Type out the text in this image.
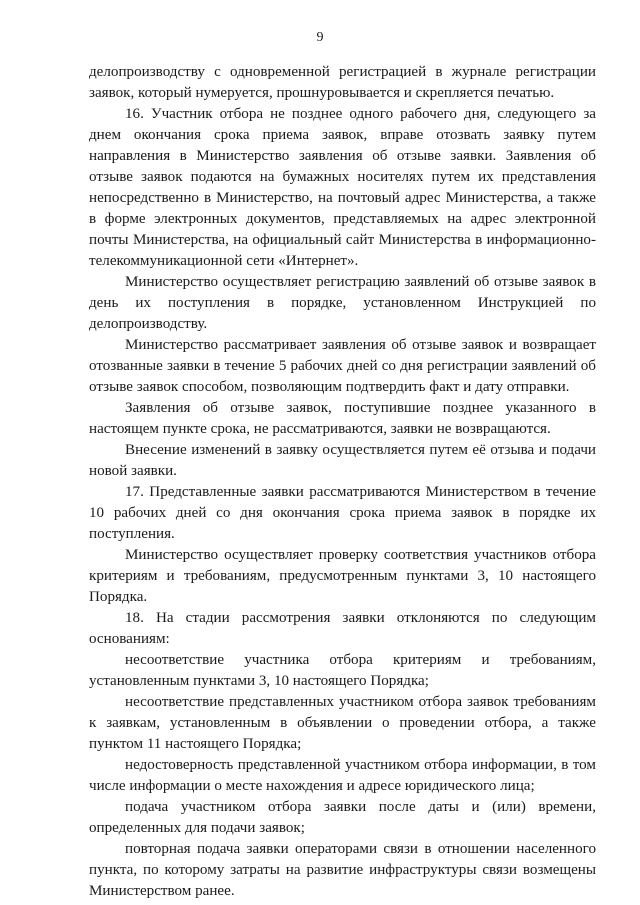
9

делопроизводству с одновременной регистрацией в журнале регистрации заявок, который нумеруется, прошнуровывается и скрепляется печатью.

16. Участник отбора не позднее одного рабочего дня, следующего за днем окончания срока приема заявок, вправе отозвать заявку путем направления в Министерство заявления об отзыве заявки. Заявления об отзыве заявок подаются на бумажных носителях путем их представления непосредственно в Министерство, на почтовый адрес Министерства, а также в форме электронных документов, представляемых на адрес электронной почты Министерства, на официальный сайт Министерства в информационно-телекоммуникационной сети «Интернет».

Министерство осуществляет регистрацию заявлений об отзыве заявок в день их поступления в порядке, установленном Инструкцией по делопроизводству.

Министерство рассматривает заявления об отзыве заявок и возвращает отозванные заявки в течение 5 рабочих дней со дня регистрации заявлений об отзыве заявок способом, позволяющим подтвердить факт и дату отправки.

Заявления об отзыве заявок, поступившие позднее указанного в настоящем пункте срока, не рассматриваются, заявки не возвращаются.

Внесение изменений в заявку осуществляется путем её отзыва и подачи новой заявки.

17. Представленные заявки рассматриваются Министерством в течение 10 рабочих дней со дня окончания срока приема заявок в порядке их поступления.

Министерство осуществляет проверку соответствия участников отбора критериям и требованиям, предусмотренным пунктами 3, 10 настоящего Порядка.

18. На стадии рассмотрения заявки отклоняются по следующим основаниям:

несоответствие участника отбора критериям и требованиям, установленным пунктами 3, 10 настоящего Порядка;

несоответствие представленных участником отбора заявок требованиям к заявкам, установленным в объявлении о проведении отбора, а также пунктом 11 настоящего Порядка;

недостоверность представленной участником отбора информации, в том числе информации о месте нахождения и адресе юридического лица;

подача участником отбора заявки после даты и (или) времени, определенных для подачи заявок;

повторная подача заявки операторами связи в отношении населенного пункта, по которому затраты на развитие инфраструктуры связи возмещены Министерством ранее.
